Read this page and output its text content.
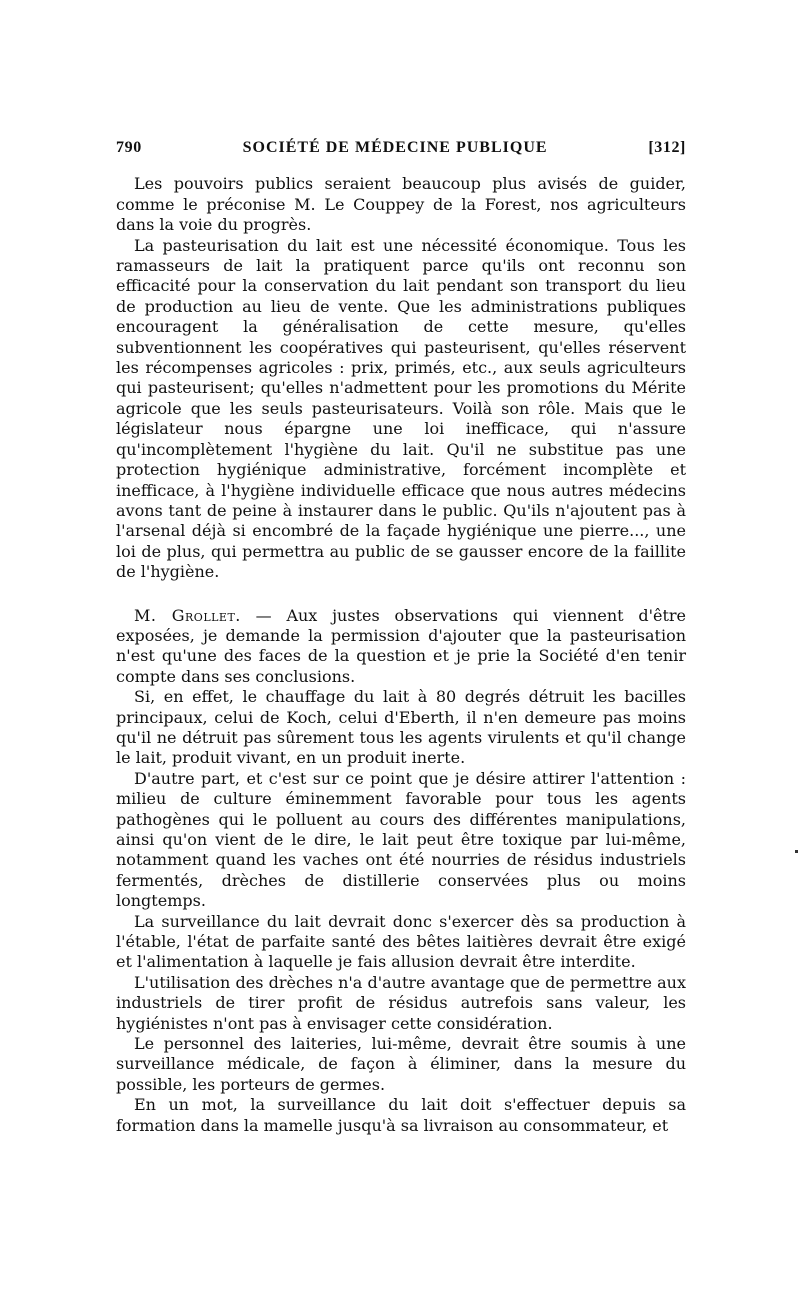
790	SOCIÉTÉ DE MÉDECINE PUBLIQUE	[312]

Les pouvoirs publics seraient beaucoup plus avisés de guider, comme le préconise M. Le Couppey de la Forest, nos agriculteurs dans la voie du progrès.

La pasteurisation du lait est une nécessité économique. Tous les ramasseurs de lait la pratiquent parce qu'ils ont reconnu son efficacité pour la conservation du lait pendant son transport du lieu de production au lieu de vente. Que les administrations publiques encouragent la généralisation de cette mesure, qu'elles subventionnent les coopératives qui pasteurisent, qu'elles réservent les récompenses agricoles : prix, primés, etc., aux seuls agriculteurs qui pasteurisent; qu'elles n'admettent pour les promotions du Mérite agricole que les seuls pasteurisateurs. Voilà son rôle. Mais que le législateur nous épargne une loi inefficace, qui n'assure qu'incomplètement l'hygiène du lait. Qu'il ne substitue pas une protection hygiénique administrative, forcément incomplète et inefficace, à l'hygiène individuelle efficace que nous autres médecins avons tant de peine à instaurer dans le public. Qu'ils n'ajoutent pas à l'arsenal déjà si encombré de la façade hygiénique une pierre..., une loi de plus, qui permettra au public de se gausser encore de la faillite de l'hygiène.

M. Grollet. — Aux justes observations qui viennent d'être exposées, je demande la permission d'ajouter que la pasteurisation n'est qu'une des faces de la question et je prie la Société d'en tenir compte dans ses conclusions.

Si, en effet, le chauffage du lait à 80 degrés détruit les bacilles principaux, celui de Koch, celui d'Eberth, il n'en demeure pas moins qu'il ne détruit pas sûrement tous les agents virulents et qu'il change le lait, produit vivant, en un produit inerte.

D'autre part, et c'est sur ce point que je désire attirer l'attention : milieu de culture éminemment favorable pour tous les agents pathogènes qui le polluent au cours des différentes manipulations, ainsi qu'on vient de le dire, le lait peut être toxique par lui-même, notamment quand les vaches ont été nourries de résidus industriels fermentés, drèches de distillerie conservées plus ou moins longtemps.

La surveillance du lait devrait donc s'exercer dès sa production à l'étable, l'état de parfaite santé des bêtes laitières devrait être exigé et l'alimentation à laquelle je fais allusion devrait être interdite.

L'utilisation des drèches n'a d'autre avantage que de permettre aux industriels de tirer profit de résidus autrefois sans valeur, les hygiénistes n'ont pas à envisager cette considération.

Le personnel des laiteries, lui-même, devrait être soumis à une surveillance médicale, de façon à éliminer, dans la mesure du possible, les porteurs de germes.

En un mot, la surveillance du lait doit s'effectuer depuis sa formation dans la mamelle jusqu'à sa livraison au consommateur, et
